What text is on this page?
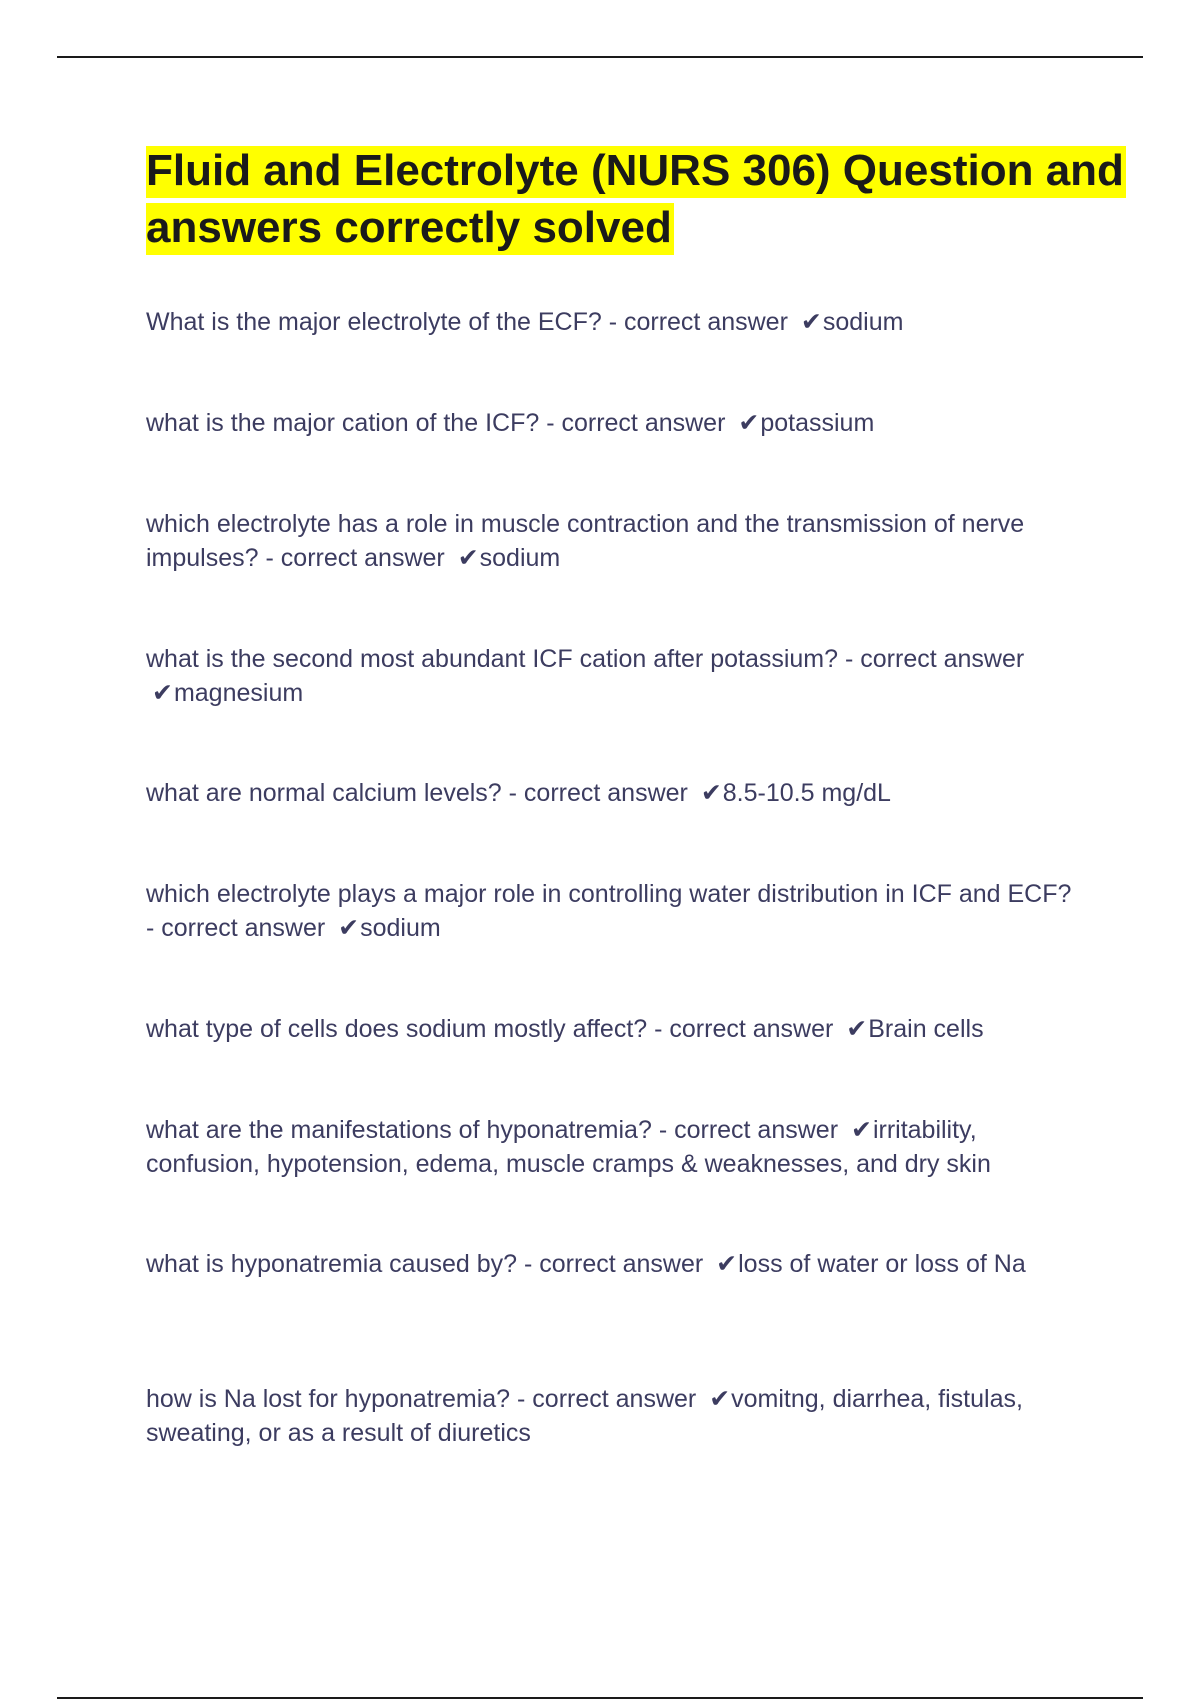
Fluid and Electrolyte (NURS 306) Question and answers correctly solved

What is the major electrolyte of the ECF? - correct answer ✔sodium

what is the major cation of the ICF? - correct answer ✔potassium

which electrolyte has a role in muscle contraction and the transmission of nerve impulses? - correct answer ✔sodium

what is the second most abundant ICF cation after potassium? - correct answer ✔magnesium

what are normal calcium levels? - correct answer ✔8.5-10.5 mg/dL

which electrolyte plays a major role in controlling water distribution in ICF and ECF? - correct answer ✔sodium

what type of cells does sodium mostly affect? - correct answer ✔Brain cells

what are the manifestations of hyponatremia? - correct answer ✔irritability, confusion, hypotension, edema, muscle cramps & weaknesses, and dry skin

what is hyponatremia caused by? - correct answer ✔loss of water or loss of Na

how is Na lost for hyponatremia? - correct answer ✔vomitng, diarrhea, fistulas, sweating, or as a result of diuretics
